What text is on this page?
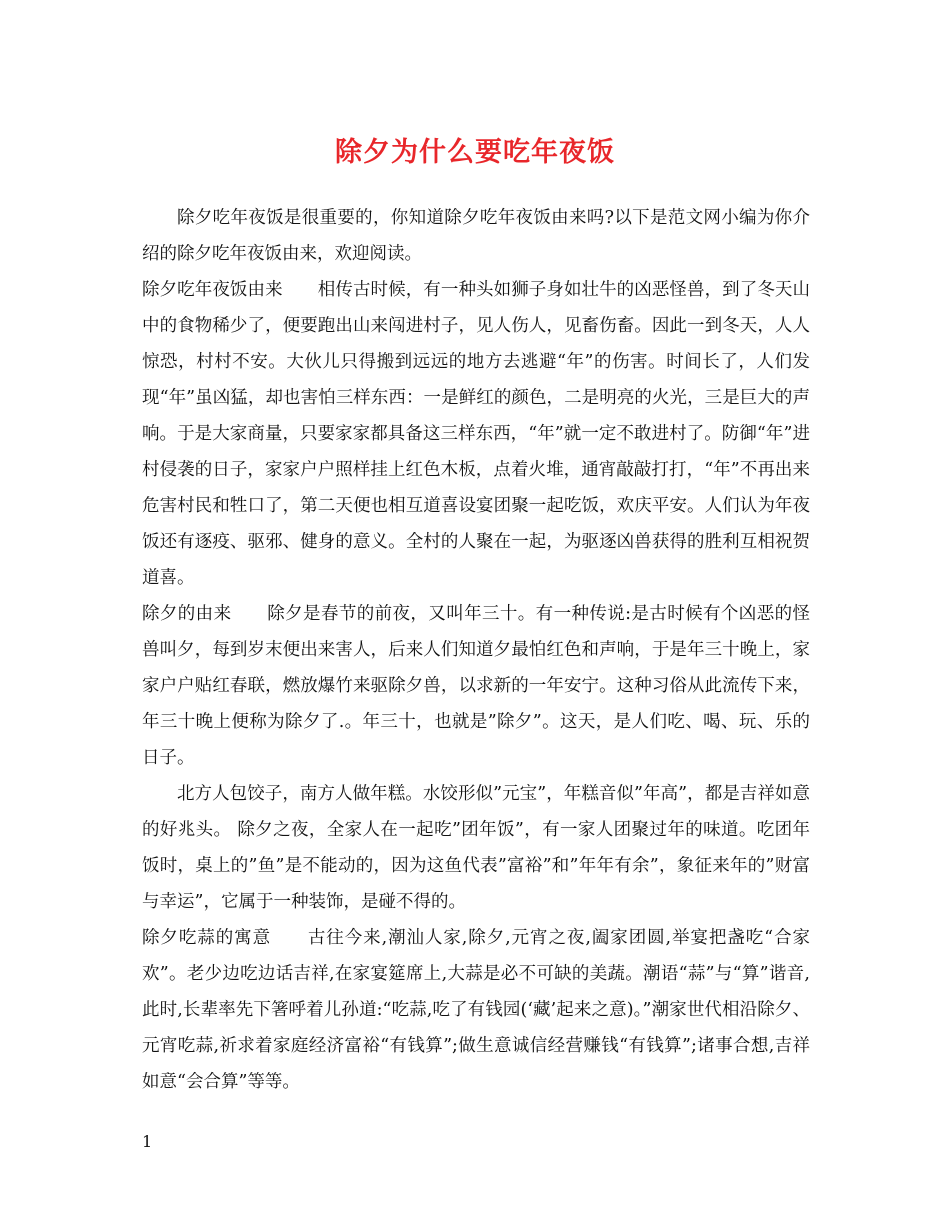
除夕为什么要吃年夜饭

除夕吃年夜饭是很重要的，你知道除夕吃年夜饭由来吗?以下是范文网小编为你介绍的除夕吃年夜饭由来，欢迎阅读。

除夕吃年夜饭由来　　相传古时候，有一种头如狮子身如壮牛的凶恶怪兽，到了冬天山中的食物稀少了，便要跑出山来闯进村子，见人伤人，见畜伤畜。因此一到冬天，人人惊恐，村村不安。大伙儿只得搬到远远的地方去逃避“年”的伤害。时间长了，人们发现“年”虽凶猛，却也害怕三样东西：一是鲜红的颜色，二是明亮的火光，三是巨大的声响。于是大家商量，只要家家都具备这三样东西，“年”就一定不敢进村了。防御“年”进村侵袭的日子，家家户户照样挂上红色木板，点着火堆，通宵敲敲打打，“年”不再出来危害村民和牲口了，第二天便也相互道喜设宴团聚一起吃饭，欢庆平安。人们认为年夜饭还有逐疫、驱邪、健身的意义。全村的人聚在一起，为驱逐凶兽获得的胜利互相祝贺道喜。

除夕的由来　　除夕是春节的前夜，又叫年三十。有一种传说:是古时候有个凶恶的怪兽叫夕，每到岁末便出来害人，后来人们知道夕最怕红色和声响，于是年三十晚上，家家户户贴红春联，燃放爆竹来驱除夕兽，以求新的一年安宁。这种习俗从此流传下来，年三十晚上便称为除夕了.。年三十，也就是”除夕”。这天，是人们吃、喝、玩、乐的日子。

北方人包饺子，南方人做年糕。水饺形似”元宝”，年糕音似”年高”，都是吉祥如意的好兆头。 除夕之夜，全家人在一起吃”团年饭”，有一家人团聚过年的味道。吃团年饭时，桌上的”鱼”是不能动的，因为这鱼代表”富裕”和”年年有余”，象征来年的”财富与幸运”，它属于一种装饰，是碰不得的。

除夕吃蒜的寓意　　古往今来,潮汕人家,除夕,元宵之夜,阖家团圆,举宴把盏吃“合家欢”。老少边吃边话吉祥,在家宴筵席上,大蒜是必不可缺的美蔬。潮语“蒜”与“算”谐音,此时,长辈率先下箸呼着儿孙道:“吃蒜,吃了有钱园(‘藏’起来之意)。”潮家世代相沿除夕、元宵吃蒜,祈求着家庭经济富裕“有钱算”;做生意诚信经营赚钱“有钱算”;诸事合想,吉祥如意“会合算”等等。

1
